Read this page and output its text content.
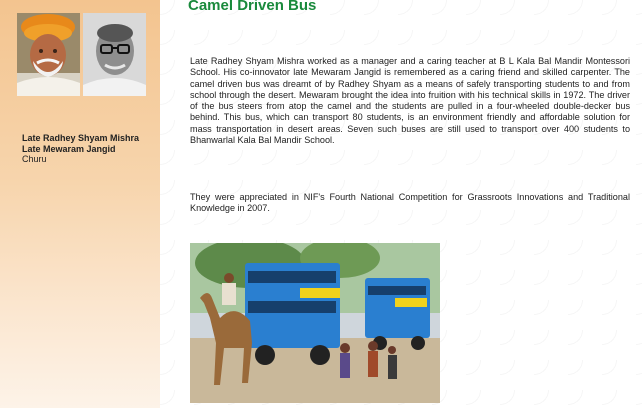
Late Radhey Shyam Mishra
Late Mewaram Jangid
Churu
Camel Driven Bus

Late Radhey Shyam Mishra worked as a manager and a caring teacher at B L Kala Bal Mandir Montessori School. His co-innovator late Mewaram Jangid is remembered as a caring friend and skilled carpenter. The camel driven bus was dreamt of by Radhey Shyam as a means of safely transporting students to and from school through the desert. Mewaram brought the idea into fruition with his technical skills in 1972. The driver of the bus steers from atop the camel and the students are pulled in a four-wheeled double-decker bus behind. This bus, which can transport 80 students, is an environment friendly and affordable solution for mass transportation in desert areas. Seven such buses are still used to transport over 400 students to Bhanwarlal Kala Bal Mandir School.

They were appreciated in NIF's Fourth National Competition for Grassroots Innovations and Traditional Knowledge in 2007.
